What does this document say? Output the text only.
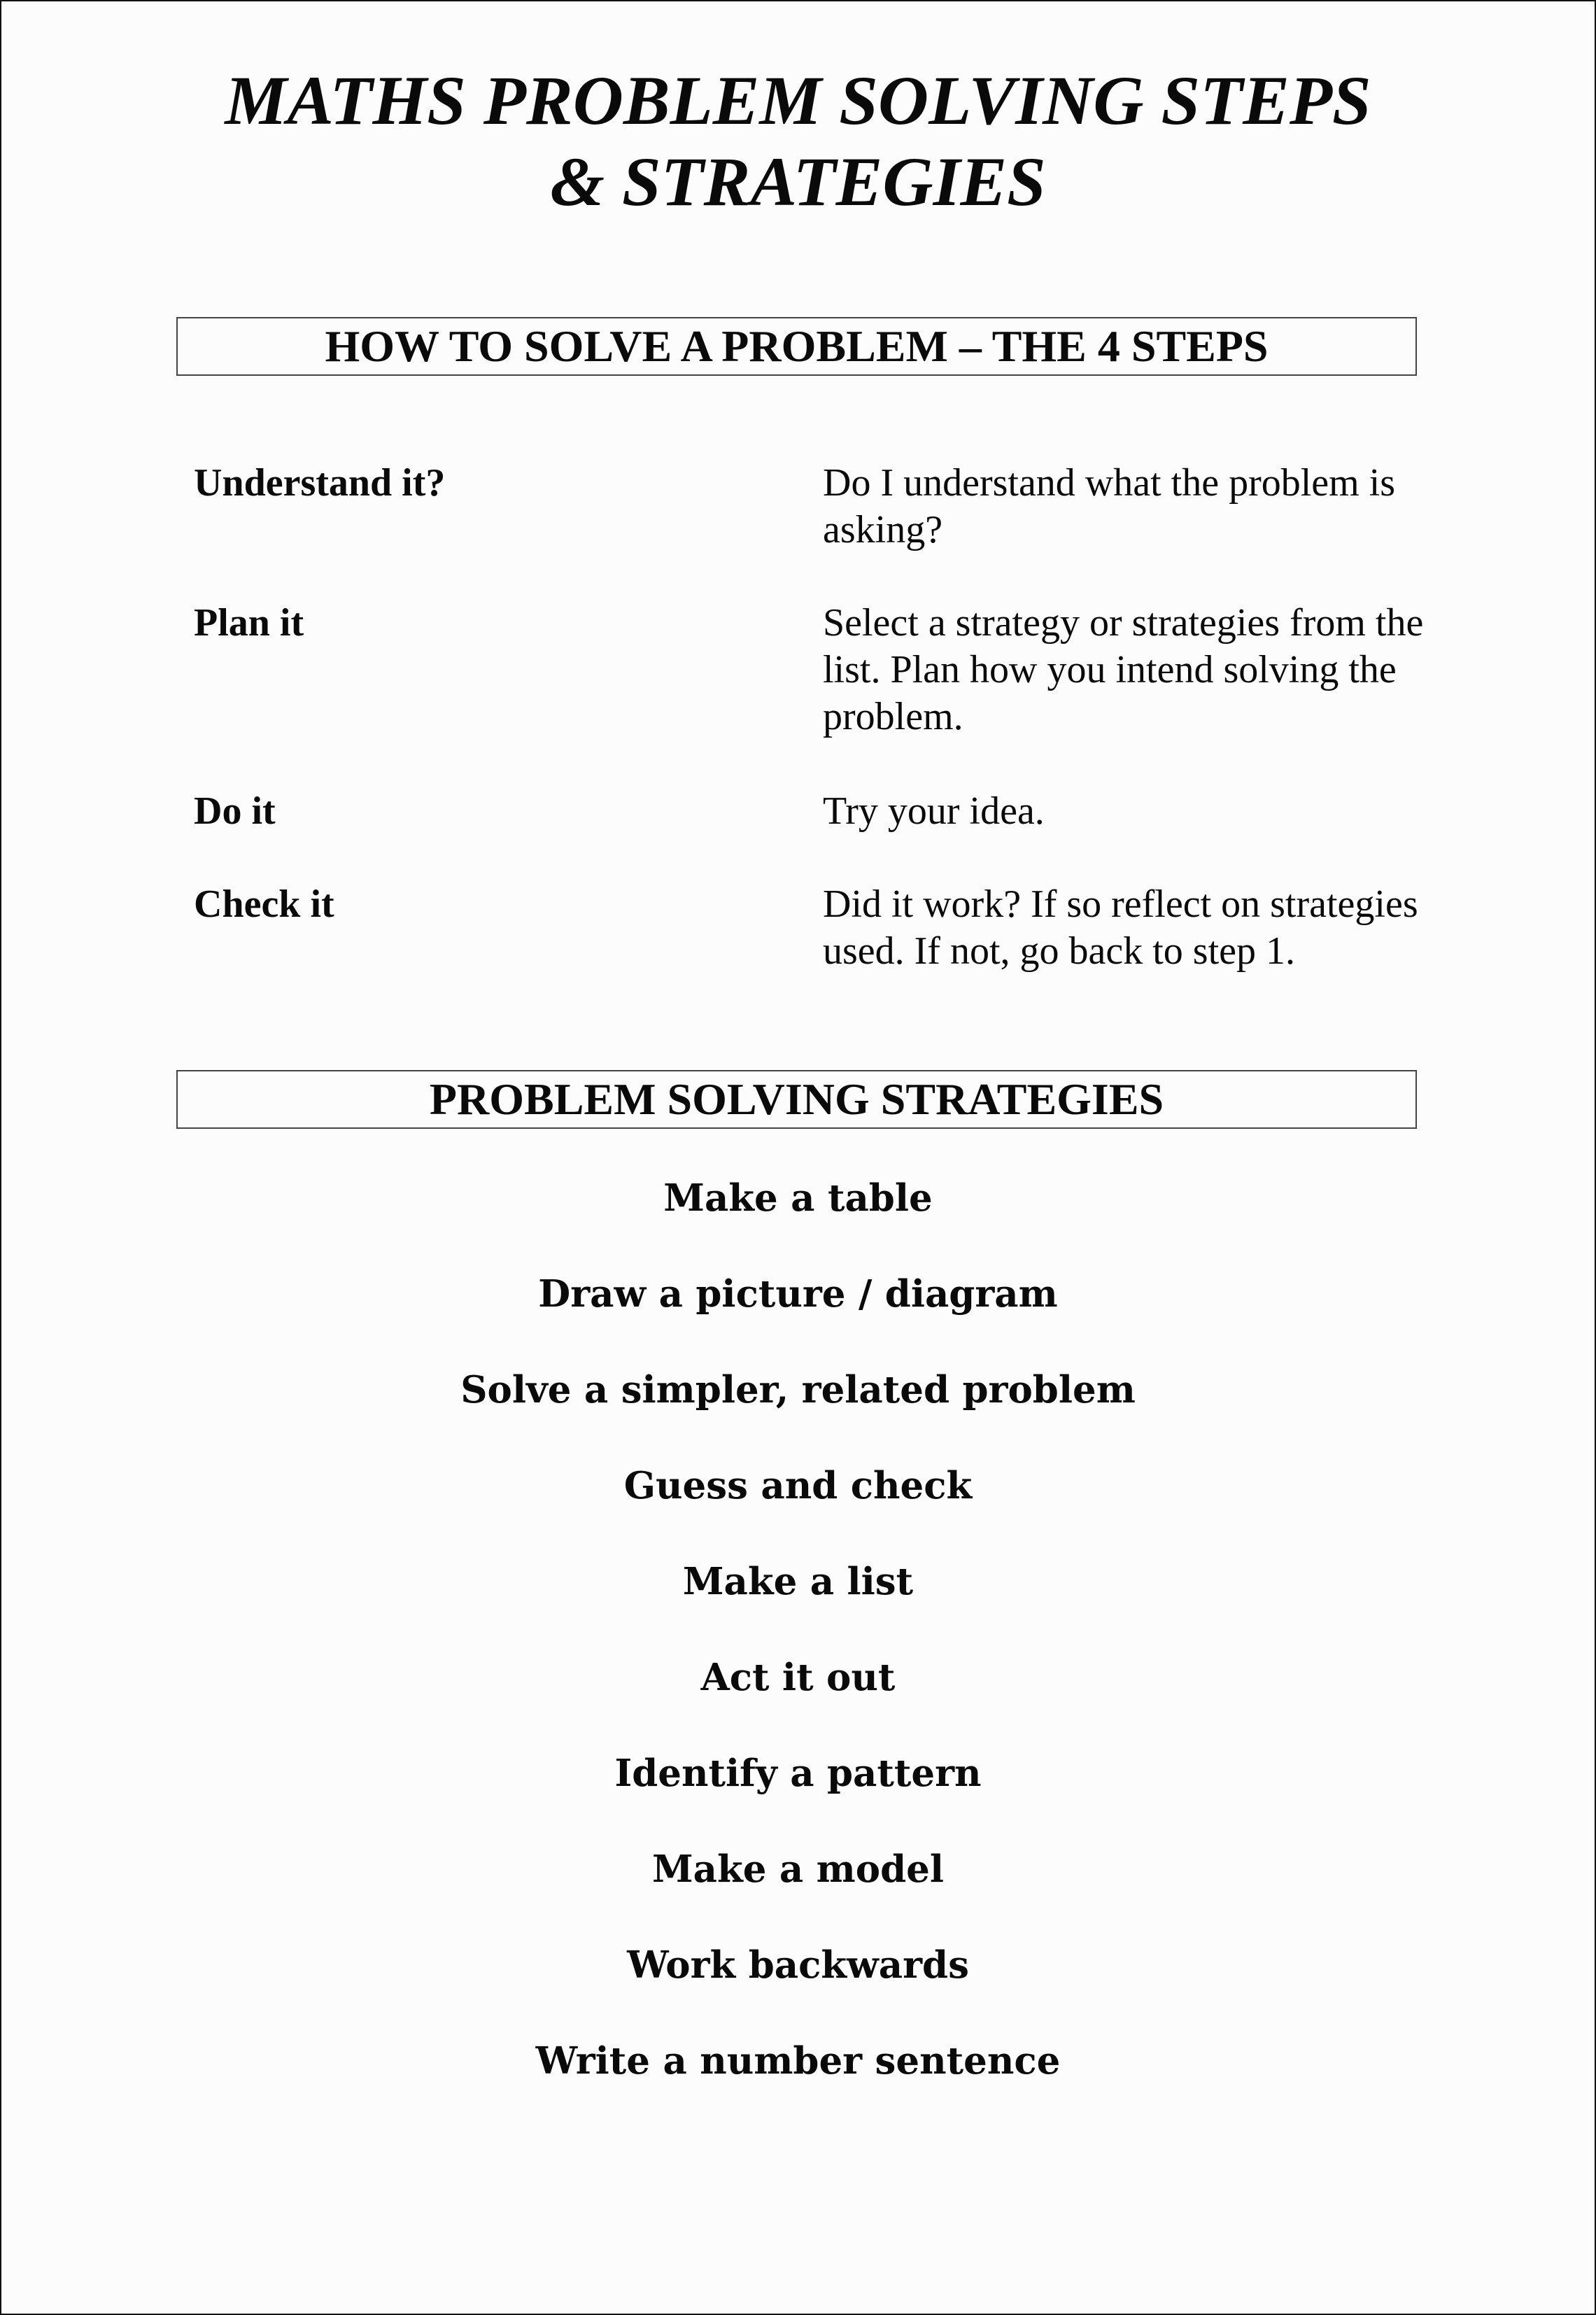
MATHS PROBLEM SOLVING STEPS
& STRATEGIES
HOW TO SOLVE A PROBLEM – THE 4 STEPS
Understand it?	Do I understand what the problem is asking?
Plan it	Select a strategy or strategies from the list. Plan how you intend solving the problem.
Do it	Try your idea.
Check it	Did it work? If so reflect on strategies used. If not, go back to step 1.
PROBLEM SOLVING STRATEGIES
Make a table
Draw a picture / diagram
Solve a simpler, related problem
Guess and check
Make a list
Act it out
Identify a pattern
Make a model
Work backwards
Write a number sentence
